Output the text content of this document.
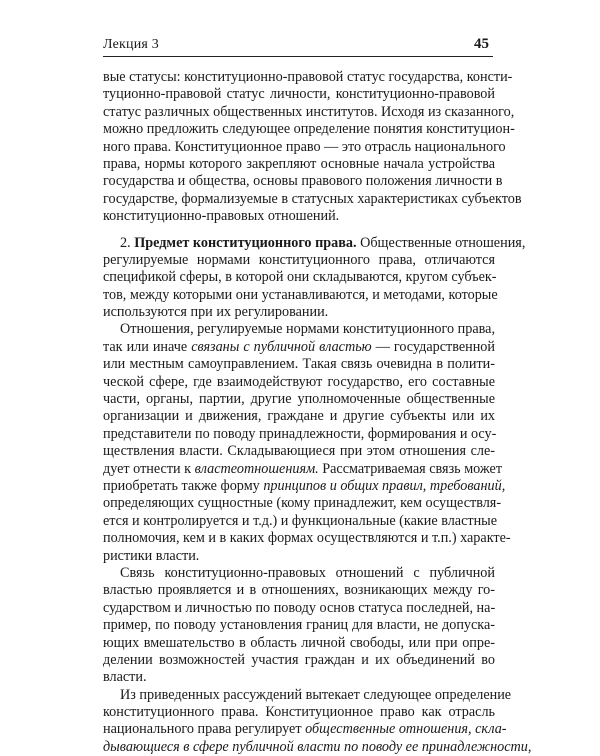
Лекция 3	45
вые статусы: конституционно-правовой статус государства, консти-
туционно-правовой статус личности, конституционно-правовой
статус различных общественных институтов. Исходя из сказанного,
можно предложить следующее определение понятия конституцион-
ного права. Конституционное право — это отрасль национального
права, нормы которого закрепляют основные начала устройства
государства и общества, основы правового положения личности в
государстве, формализуемые в статусных характеристиках субъектов
конституционно-правовых отношений.
2. Предмет конституционного права. Общественные отношения,
регулируемые нормами конституционного права, отличаются
спецификой сферы, в которой они складываются, кругом субъек-
тов, между которыми они устанавливаются, и методами, которые
используются при их регулировании.
Отношения, регулируемые нормами конституционного права,
так или иначе связаны с публичной властью — государственной
или местным самоуправлением. Такая связь очевидна в полити-
ческой сфере, где взаимодействуют государство, его составные
части, органы, партии, другие уполномоченные общественные
организации и движения, граждане и другие субъекты или их
представители по поводу принадлежности, формирования и осу-
ществления власти. Складывающиеся при этом отношения сле-
дует отнести к властеотношениям. Рассматриваемая связь может
приобретать также форму принципов и общих правил, требований,
определяющих сущностные (кому принадлежит, кем осуществля-
ется и контролируется и т.д.) и функциональные (какие властные
полномочия, кем и в каких формах осуществляются и т.п.) характе-
ристики власти.
Связь конституционно-правовых отношений с публичной
властью проявляется и в отношениях, возникающих между го-
сударством и личностью по поводу основ статуса последней, на-
пример, по поводу установления границ для власти, не допуска-
ющих вмешательство в область личной свободы, или при опре-
делении возможностей участия граждан и их объединений во
власти.
Из приведенных рассуждений вытекает следующее определение
конституционного права. Конституционное право как отрасль
национального права регулирует общественные отношения, скла-
дывающиеся в сфере публичной власти по поводу ее принадлежности,
